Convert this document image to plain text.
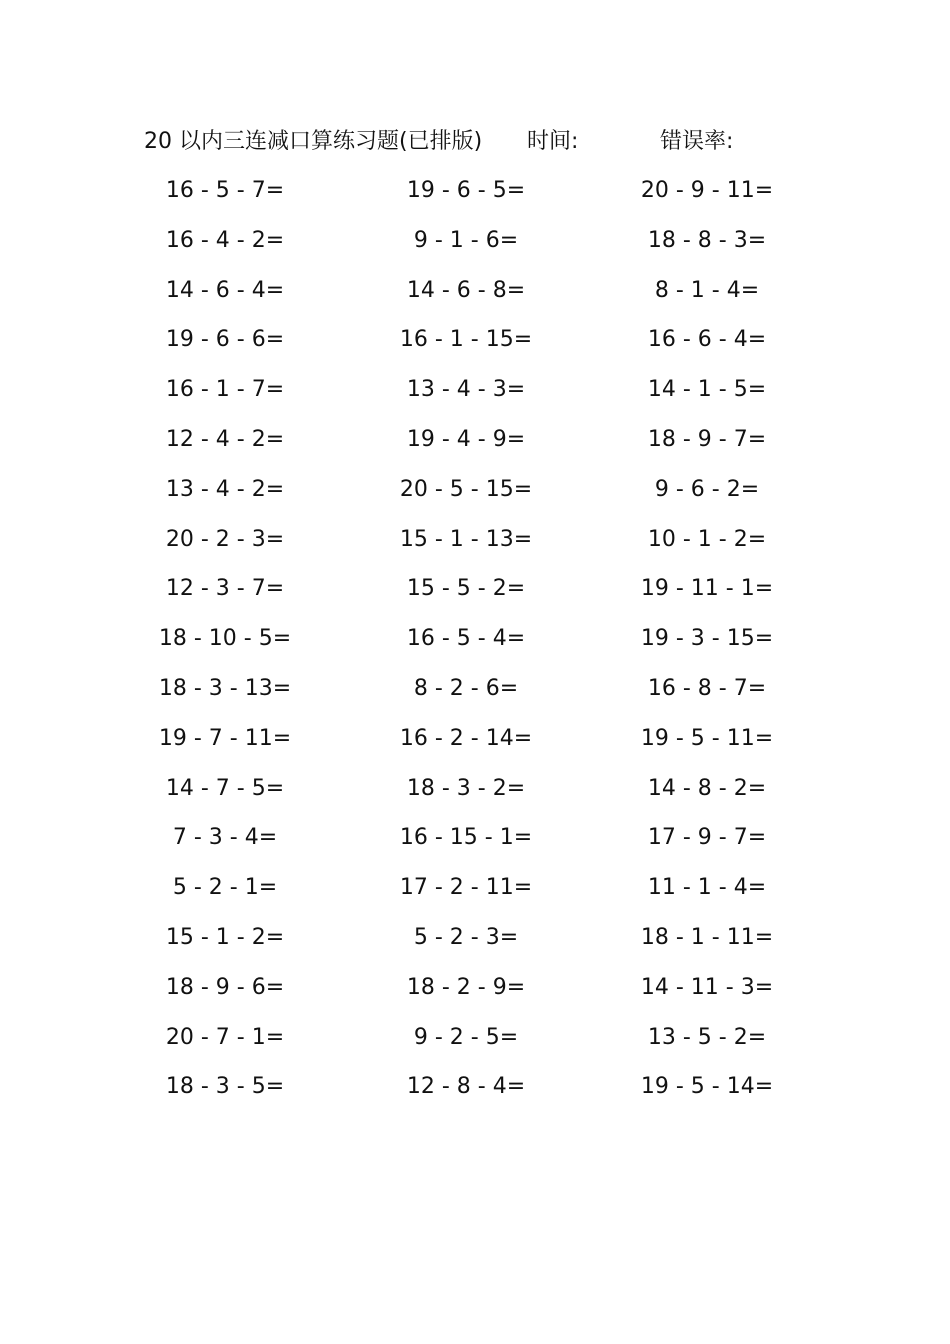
20 以内三连减口算练习题(已排版) 时间:	错误率:
16 - 5 - 7=	19 - 6 - 5=	20 - 9 - 11=
16 - 4 - 2=	9 - 1 - 6=	18 - 8 - 3=
14 - 6 - 4=	14 - 6 - 8=	8 - 1 - 4=
19 - 6 - 6=	16 - 1 - 15=	16 - 6 - 4=
16 - 1 - 7=	13 - 4 - 3=	14 - 1 - 5=
12 - 4 - 2=	19 - 4 - 9=	18 - 9 - 7=
13 - 4 - 2=	20 - 5 - 15=	9 - 6 - 2=
20 - 2 - 3=	15 - 1 - 13=	10 - 1 - 2=
12 - 3 - 7=	15 - 5 - 2=	19 - 11 - 1=
18 - 10 - 5=	16 - 5 - 4=	19 - 3 - 15=
18 - 3 - 13=	8 - 2 - 6=	16 - 8 - 7=
19 - 7 - 11=	16 - 2 - 14=	19 - 5 - 11=
14 - 7 - 5=	18 - 3 - 2=	14 - 8 - 2=
7 - 3 - 4=	16 - 15 - 1=	17 - 9 - 7=
5 - 2 - 1=	17 - 2 - 11=	11 - 1 - 4=
15 - 1 - 2=	5 - 2 - 3=	18 - 1 - 11=
18 - 9 - 6=	18 - 2 - 9=	14 - 11 - 3=
20 - 7 - 1=	9 - 2 - 5=	13 - 5 - 2=
18 - 3 - 5=	12 - 8 - 4=	19 - 5 - 14=
